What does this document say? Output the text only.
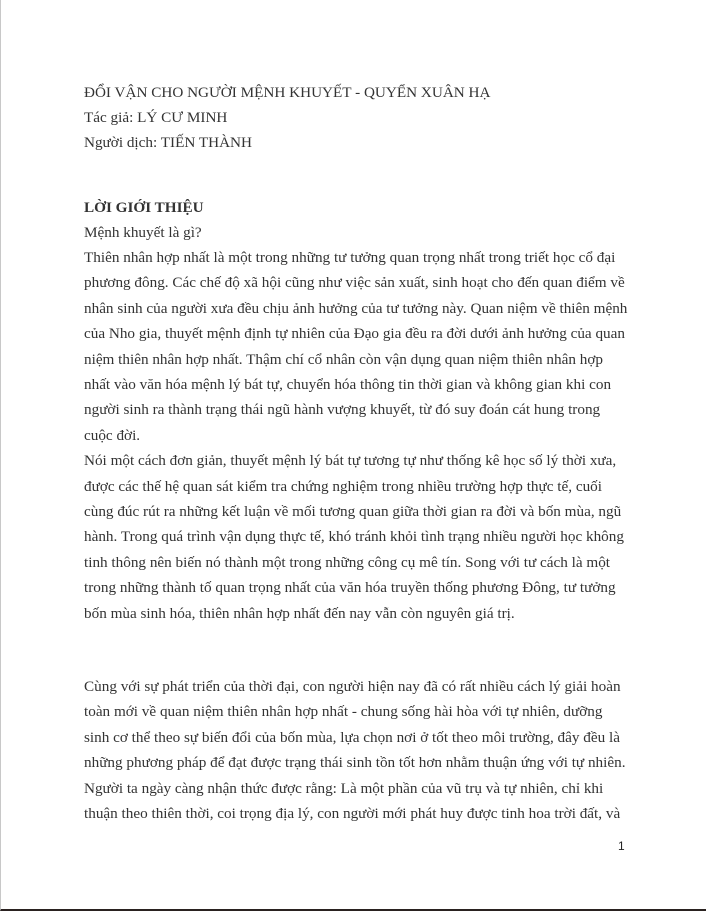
ĐỔI VẬN CHO NGƯỜI MỆNH KHUYẾT - QUYỂN XUÂN HẠ
Tác giả: LÝ CƯ MINH
Người dịch: TIẾN THÀNH
LỜI GIỚI THIỆU
Mệnh khuyết là gì?

Thiên nhân hợp nhất là một trong những tư tưởng quan trọng nhất trong triết học cổ đại
phương đông. Các chế độ xã hội cũng như việc sản xuất, sinh hoạt cho đến quan điểm về
nhân sinh của người xưa đều chịu ảnh hưởng của tư tưởng này. Quan niệm về thiên mệnh
của Nho gia, thuyết mệnh định tự nhiên của Đạo gia đều ra đời dưới ảnh hưởng của quan
niệm thiên nhân hợp nhất. Thậm chí cổ nhân còn vận dụng quan niệm thiên nhân hợp
nhất vào văn hóa mệnh lý bát tự, chuyển hóa thông tin thời gian và không gian khi con
người sinh ra thành trạng thái ngũ hành vượng khuyết, từ đó suy đoán cát hung trong
cuộc đời.

Nói một cách đơn giản, thuyết mệnh lý bát tự tương tự như thống kê học số lý thời xưa,
được các thế hệ quan sát kiểm tra chứng nghiệm trong nhiều trường hợp thực tế, cuối
cùng đúc rút ra những kết luận về mối tương quan giữa thời gian ra đời và bốn mùa, ngũ
hành. Trong quá trình vận dụng thực tế, khó tránh khỏi tình trạng nhiều người học không
tinh thông nên biến nó thành một trong những công cụ mê tín. Song với tư cách là một
trong những thành tố quan trọng nhất của văn hóa truyền thống phương Đông, tư tưởng
bốn mùa sinh hóa, thiên nhân hợp nhất đến nay vẫn còn nguyên giá trị.

Cùng với sự phát triển của thời đại, con người hiện nay đã có rất nhiều cách lý giải hoàn
toàn mới về quan niệm thiên nhân hợp nhất - chung sống hài hòa với tự nhiên, dưỡng
sinh cơ thể theo sự biến đổi của bốn mùa, lựa chọn nơi ở tốt theo môi trường, đây đều là
những phương pháp để đạt được trạng thái sinh tồn tốt hơn nhằm thuận ứng với tự nhiên.
Người ta ngày càng nhận thức được rằng: Là một phần của vũ trụ và tự nhiên, chỉ khi
thuận theo thiên thời, coi trọng địa lý, con người mới phát huy được tinh hoa trời đất, và

1
